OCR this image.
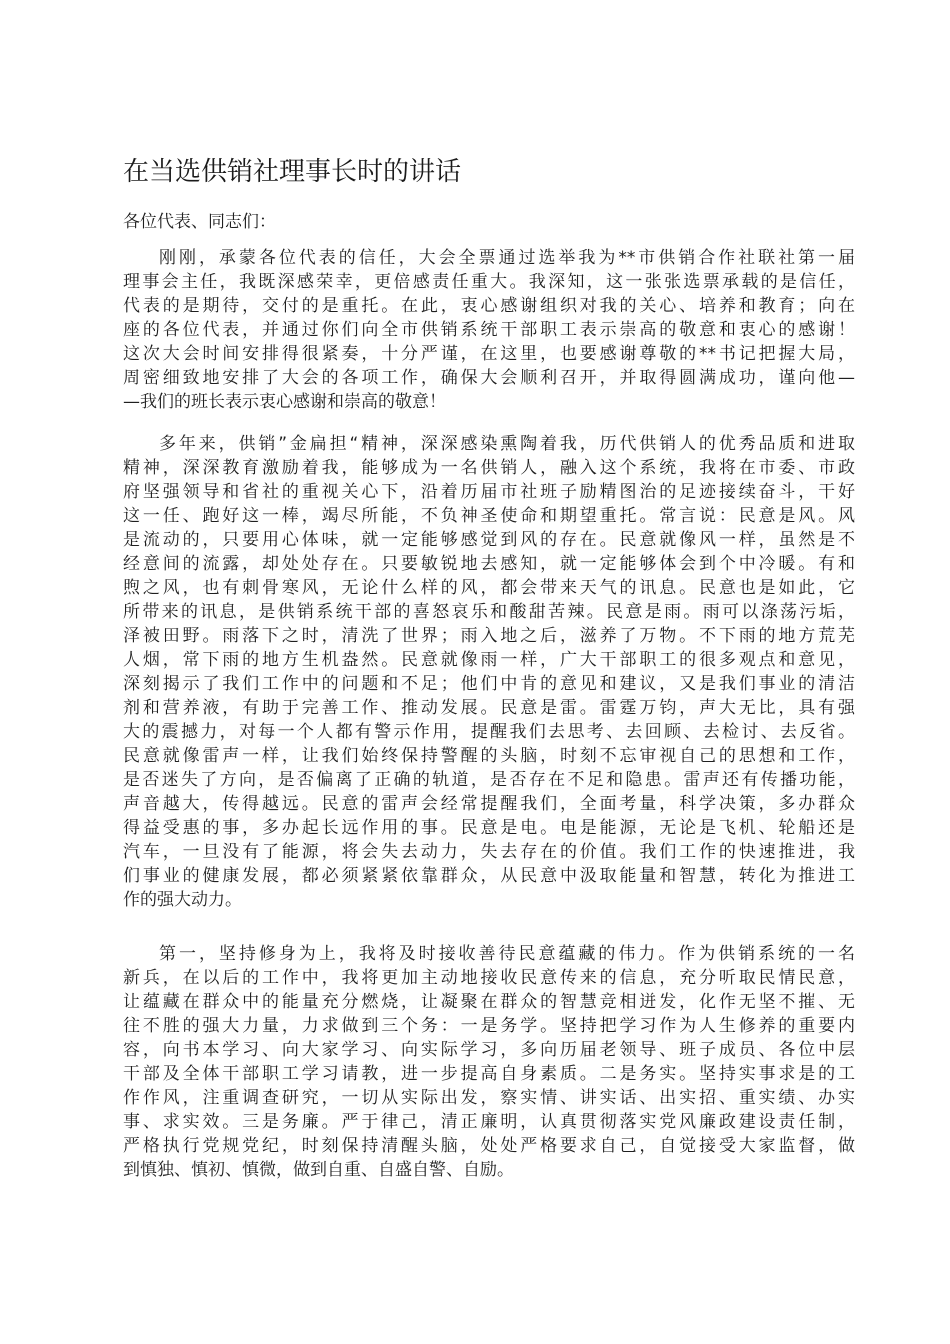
在当选供销社理事长时的讲话

各位代表、同志们：

刚刚，承蒙各位代表的信任，大会全票通过选举我为**市供销合作社联社第一届
理事会主任，我既深感荣幸，更倍感责任重大。我深知，这一张张选票承载的是信任，
代表的是期待，交付的是重托。在此，衷心感谢组织对我的关心、培养和教育；向在
座的各位代表，并通过你们向全市供销系统干部职工表示崇高的敬意和衷心的感谢！
这次大会时间安排得很紧奏，十分严谨，在这里，也要感谢尊敬的**书记把握大局，
周密细致地安排了大会的各项工作，确保大会顺利召开，并取得圆满成功，谨向他—
—我们的班长表示衷心感谢和崇高的敬意！
多年来，供销”金扁担“精神，深深感染熏陶着我，历代供销人的优秀品质和进取
精神，深深教育激励着我，能够成为一名供销人，融入这个系统，我将在市委、市政
府坚强领导和省社的重视关心下，沿着历届市社班子励精图治的足迹接续奋斗，干好
这一任、跑好这一棒，竭尽所能，不负神圣使命和期望重托。常言说：民意是风。风
是流动的，只要用心体味，就一定能够感觉到风的存在。民意就像风一样，虽然是不
经意间的流露，却处处存在。只要敏锐地去感知，就一定能够体会到个中冷暖。有和
煦之风，也有刺骨寒风，无论什么样的风，都会带来天气的讯息。民意也是如此，它
所带来的讯息，是供销系统干部的喜怒哀乐和酸甜苦辣。民意是雨。雨可以涤荡污垢，
泽被田野。雨落下之时，清洗了世界；雨入地之后，滋养了万物。不下雨的地方荒芜
人烟，常下雨的地方生机盎然。民意就像雨一样，广大干部职工的很多观点和意见，
深刻揭示了我们工作中的问题和不足；他们中肯的意见和建议，又是我们事业的清洁
剂和营养液，有助于完善工作、推动发展。民意是雷。雷霆万钧，声大无比，具有强
大的震撼力，对每一个人都有警示作用，提醒我们去思考、去回顾、去检讨、去反省。
民意就像雷声一样，让我们始终保持警醒的头脑，时刻不忘审视自己的思想和工作，
是否迷失了方向，是否偏离了正确的轨道，是否存在不足和隐患。雷声还有传播功能，
声音越大，传得越远。民意的雷声会经常提醒我们，全面考量，科学决策，多办群众
得益受惠的事，多办起长远作用的事。民意是电。电是能源，无论是飞机、轮船还是
汽车，一旦没有了能源，将会失去动力，失去存在的价值。我们工作的快速推进，我
们事业的健康发展，都必须紧紧依靠群众，从民意中汲取能量和智慧，转化为推进工
作的强大动力。
第一，坚持修身为上，我将及时接收善待民意蕴藏的伟力。作为供销系统的一名
新兵，在以后的工作中，我将更加主动地接收民意传来的信息，充分听取民情民意，
让蕴藏在群众中的能量充分燃烧，让凝聚在群众的智慧竞相迸发，化作无坚不摧、无
往不胜的强大力量，力求做到三个务：一是务学。坚持把学习作为人生修养的重要内
容，向书本学习、向大家学习、向实际学习，多向历届老领导、班子成员、各位中层
干部及全体干部职工学习请教，进一步提高自身素质。二是务实。坚持实事求是的工
作作风，注重调查研究，一切从实际出发，察实情、讲实话、出实招、重实绩、办实
事、求实效。三是务廉。严于律己，清正廉明，认真贯彻落实党风廉政建设责任制，
严格执行党规党纪，时刻保持清醒头脑，处处严格要求自己，自觉接受大家监督，做
到慎独、慎初、慎微，做到自重、自盛自警、自励。
